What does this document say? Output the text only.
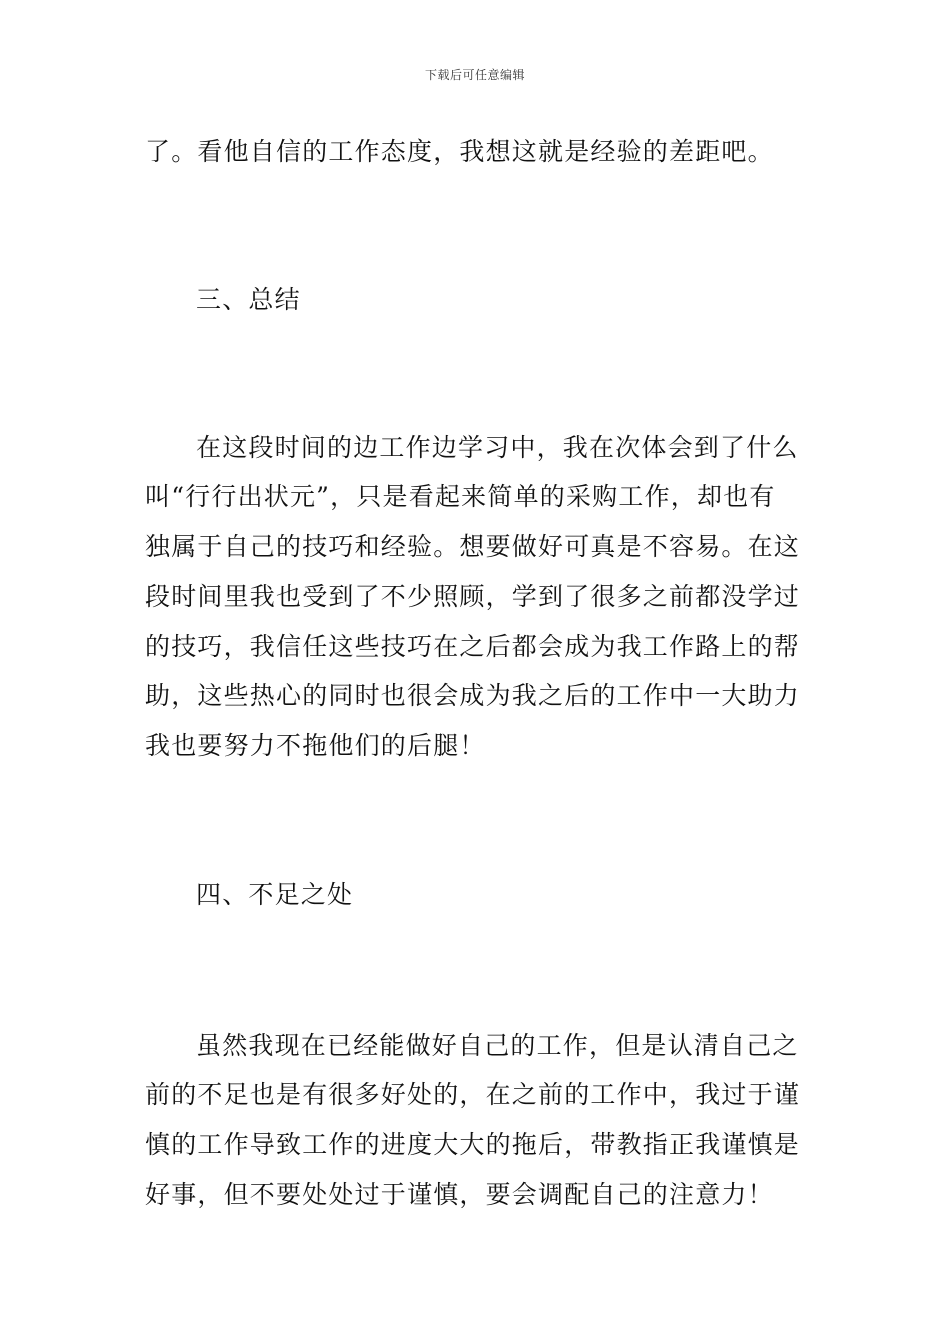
下载后可任意编辑
了。看他自信的工作态度，我想这就是经验的差距吧。
三、总结
在这段时间的边工作边学习中，我在次体会到了什么
叫“行行出状元”，只是看起来简单的采购工作，却也有
独属于自己的技巧和经验。想要做好可真是不容易。在这
段时间里我也受到了不少照顾，学到了很多之前都没学过
的技巧，我信任这些技巧在之后都会成为我工作路上的帮
助，这些热心的同时也很会成为我之后的工作中一大助力
我也要努力不拖他们的后腿！
四、不足之处
虽然我现在已经能做好自己的工作，但是认清自己之
前的不足也是有很多好处的，在之前的工作中，我过于谨
慎的工作导致工作的进度大大的拖后，带教指正我谨慎是
好事，但不要处处过于谨慎，要会调配自己的注意力！
